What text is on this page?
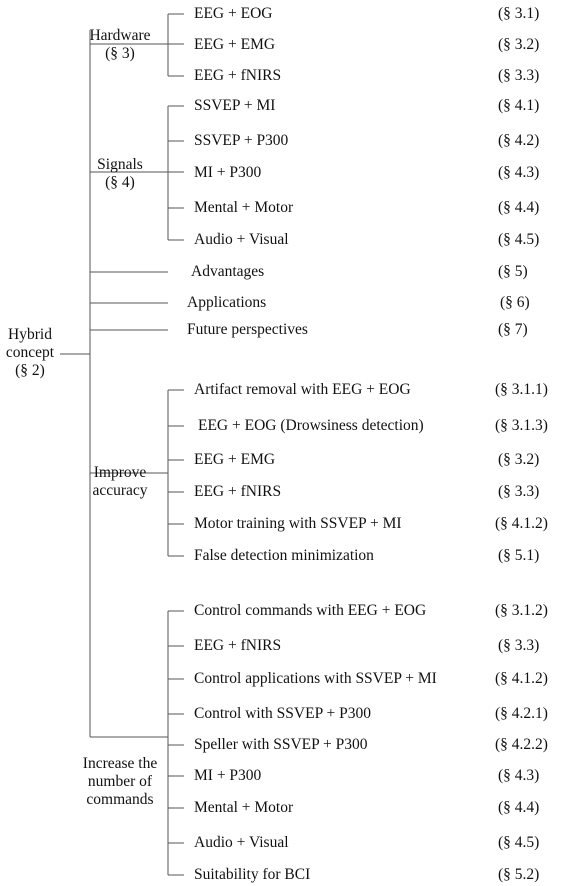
Hybrid
concept
(§ 2)
Hardware
(§ 3)
Signals
(§ 4)
Improve
accuracy
Increase the
number of
commands
EEG + EOG	(§ 3.1)
EEG + EMG	(§ 3.2)
EEG + fNIRS	(§ 3.3)
SSVEP + MI	(§ 4.1)
SSVEP + P300	(§ 4.2)
MI + P300	(§ 4.3)
Mental + Motor	(§ 4.4)
Audio + Visual	(§ 4.5)
Advantages	(§ 5)
Applications	(§ 6)
Future perspectives	(§ 7)
Artifact removal with EEG + EOG	(§ 3.1.1)
EEG + EOG (Drowsiness detection)	(§ 3.1.3)
EEG + EMG	(§ 3.2)
EEG + fNIRS	(§ 3.3)
Motor training with SSVEP + MI	(§ 4.1.2)
False detection minimization	(§ 5.1)
Control commands with EEG + EOG	(§ 3.1.2)
EEG + fNIRS	(§ 3.3)
Control applications with SSVEP + MI	(§ 4.1.2)
Control with SSVEP + P300	(§ 4.2.1)
Speller with SSVEP + P300	(§ 4.2.2)
MI + P300	(§ 4.3)
Mental + Motor	(§ 4.4)
Audio + Visual	(§ 4.5)
Suitability for BCI	(§ 5.2)
